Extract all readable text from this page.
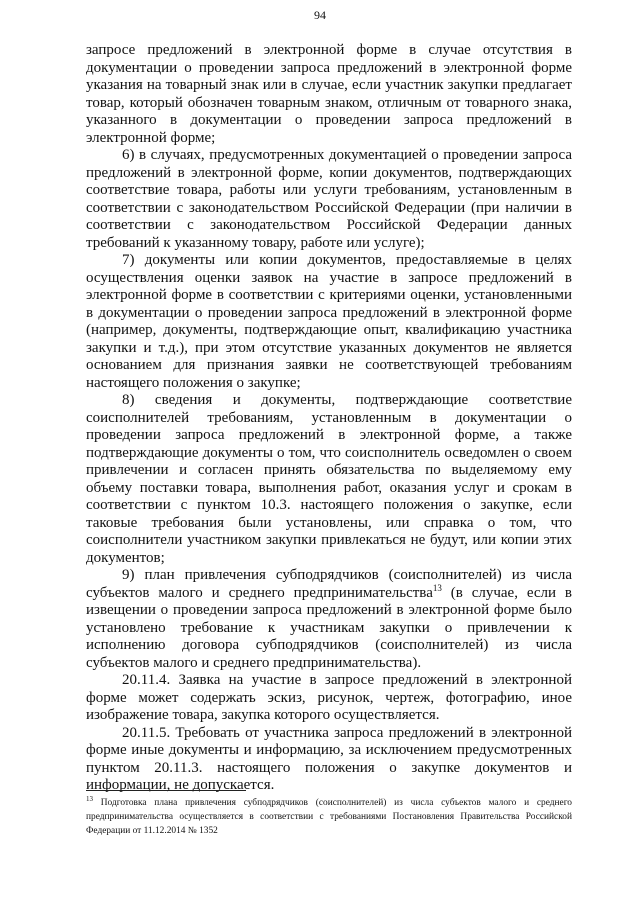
94

запросе предложений в электронной форме в случае отсутствия в документации о проведении запроса предложений в электронной форме указания на товарный знак или в случае, если участник закупки предлагает товар, который обозначен товарным знаком, отличным от товарного знака, указанного в документации о проведении запроса предложений в электронной форме;

6) в случаях, предусмотренных документацией о проведении запроса предложений в электронной форме, копии документов, подтверждающих соответствие товара, работы или услуги требованиям, установленным в соответствии с законодательством Российской Федерации (при наличии в соответствии с законодательством Российской Федерации данных требований к указанному товару, работе или услуге);

7) документы или копии документов, предоставляемые в целях осуществления оценки заявок на участие в запросе предложений в электронной форме в соответствии с критериями оценки, установленными в документации о проведении запроса предложений в электронной форме (например, документы, подтверждающие опыт, квалификацию участника закупки и т.д.), при этом отсутствие указанных документов не является основанием для признания заявки не соответствующей требованиям настоящего положения о закупке;

8) сведения и документы, подтверждающие соответствие соисполнителей требованиям, установленным в документации о проведении запроса предложений в электронной форме, а также подтверждающие документы о том, что соисполнитель осведомлен о своем привлечении и согласен принять обязательства по выделяемому ему объему поставки товара, выполнения работ, оказания услуг и срокам в соответствии с пунктом 10.3. настоящего положения о закупке, если таковые требования были установлены, или справка о том, что соисполнители участником закупки привлекаться не будут, или копии этих документов;

9) план привлечения субподрядчиков (соисполнителей) из числа субъектов малого и среднего предпринимательства$^{13}$ (в случае, если в извещении о проведении запроса предложений в электронной форме было установлено требование к участникам закупки о привлечении к исполнению договора субподрядчиков (соисполнителей) из числа субъектов малого и среднего предпринимательства).

20.11.4. Заявка на участие в запросе предложений в электронной форме может содержать эскиз, рисунок, чертеж, фотографию, иное изображение товара, закупка которого осуществляется.

20.11.5. Требовать от участника запроса предложений в электронной форме иные документы и информацию, за исключением предусмотренных пунктом 20.11.3. настоящего положения о закупке документов и информации, не допускается.

$^{13}$ Подготовка плана привлечения субподрядчиков (соисполнителей) из числа субъектов малого и среднего предпринимательства осуществляется в соответствии с требованиями Постановления Правительства Российской Федерации от 11.12.2014 № 1352
